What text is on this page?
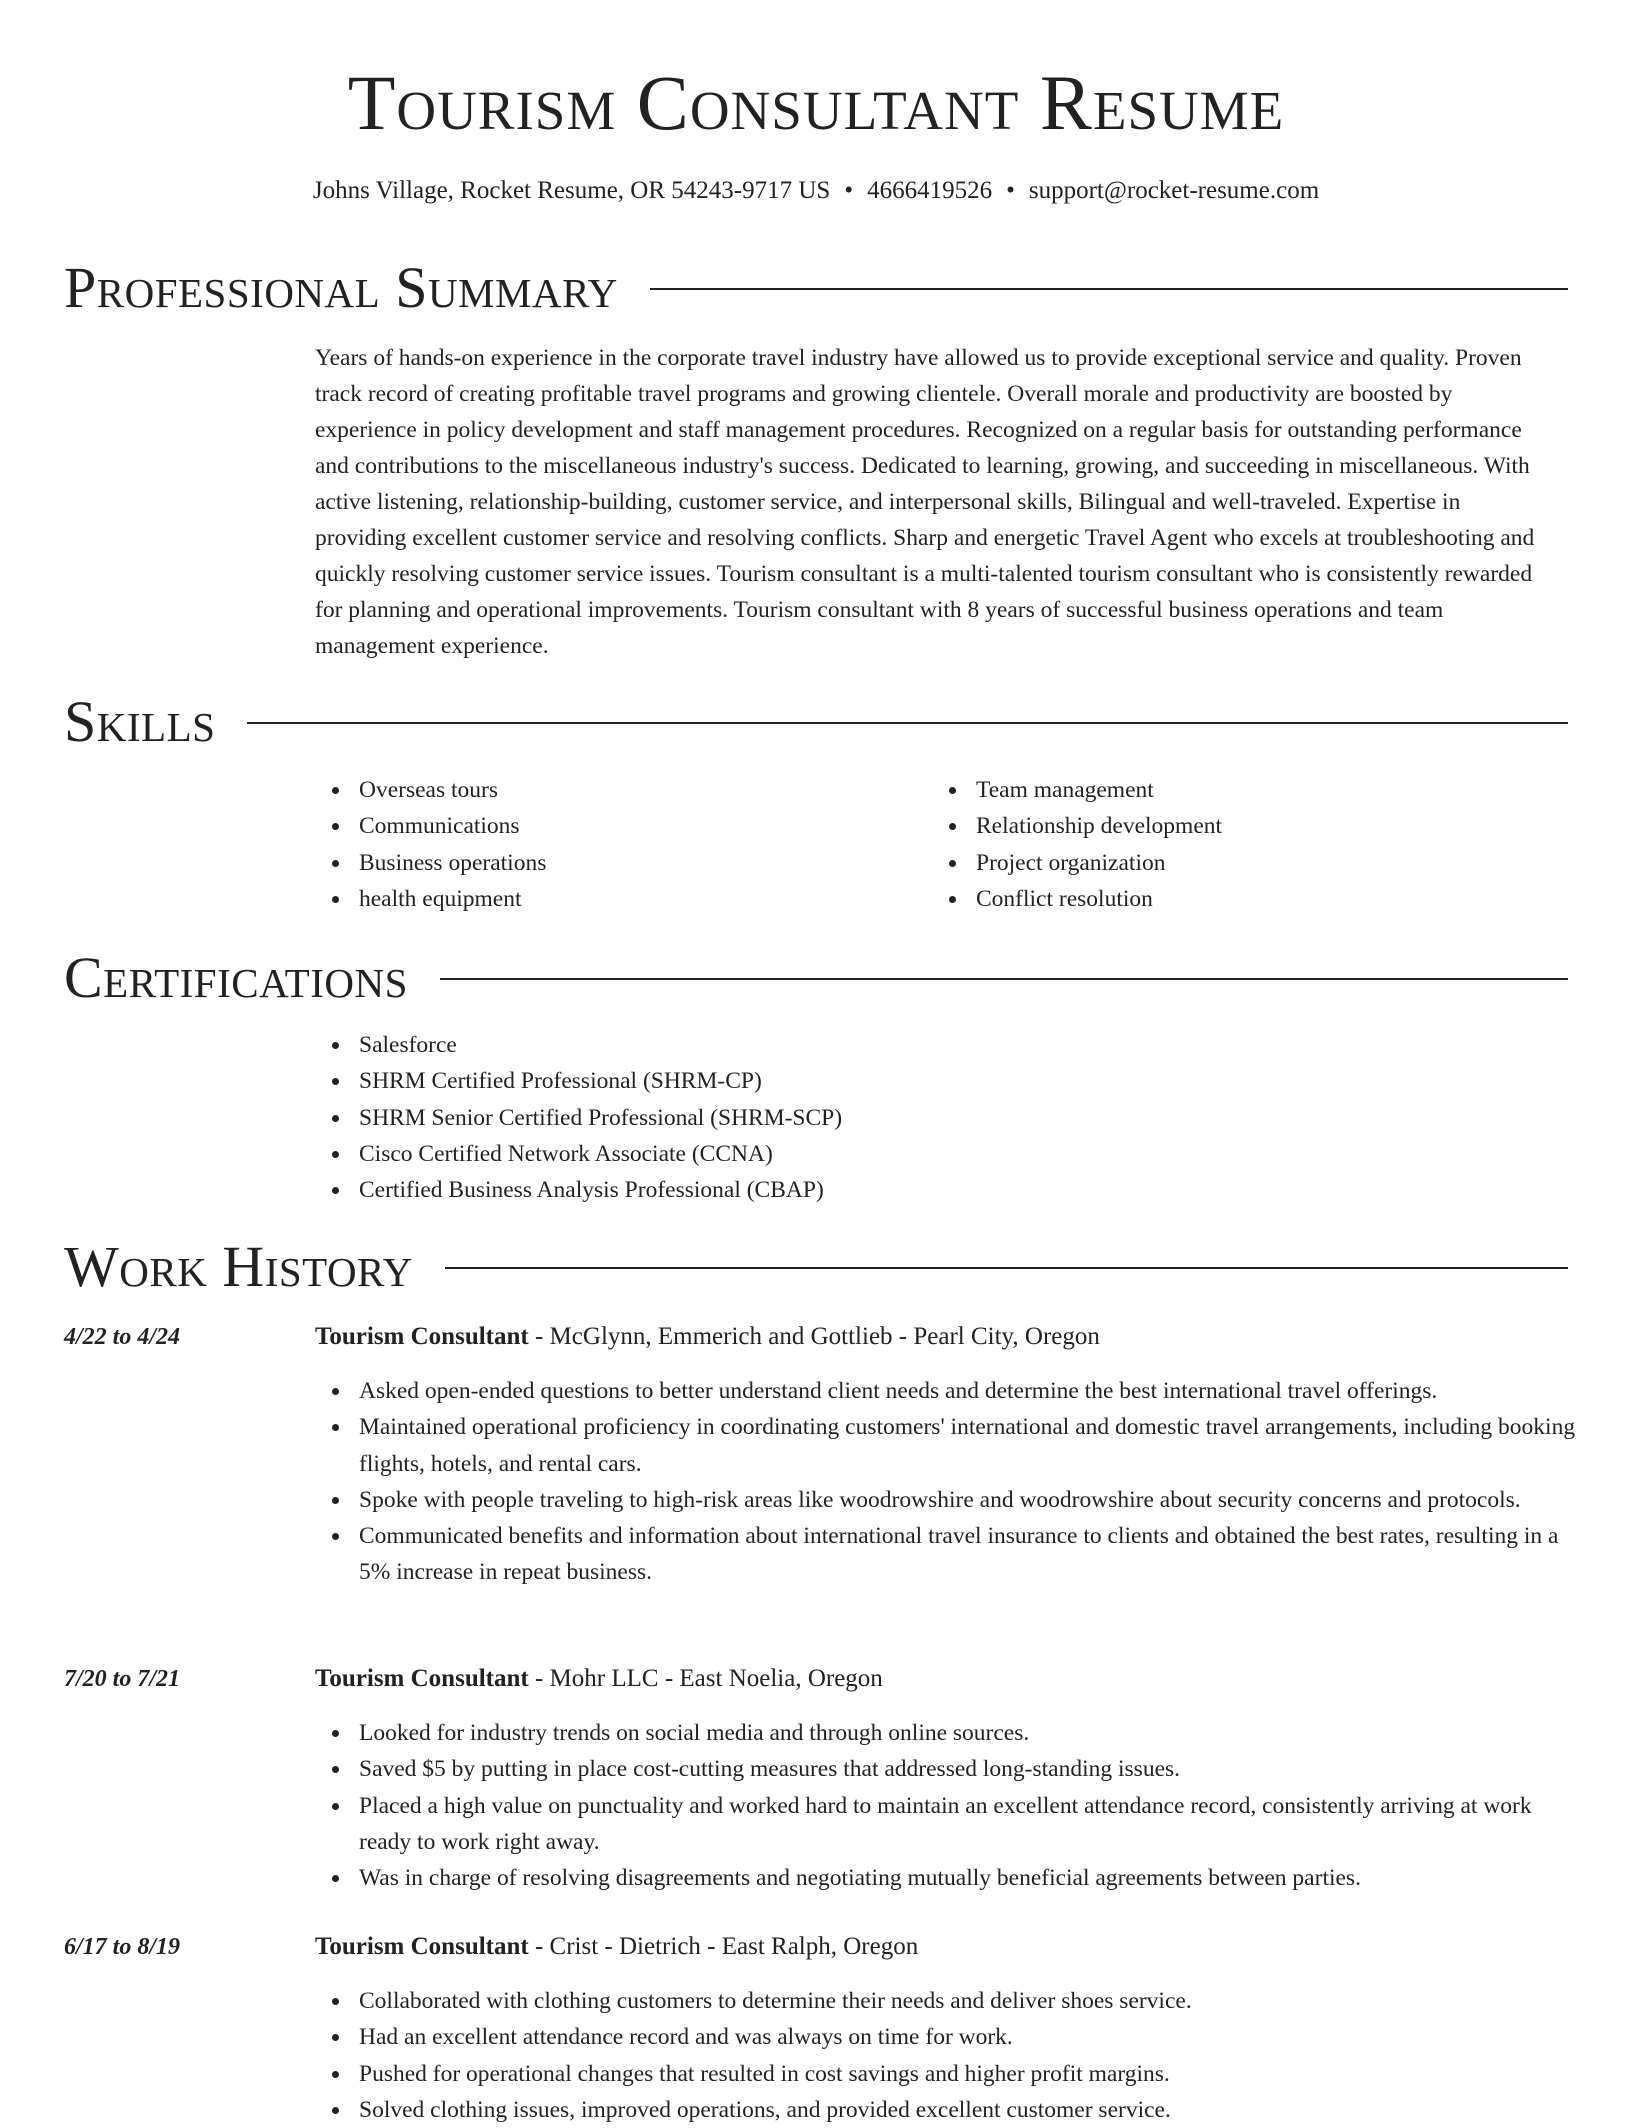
Tourism Consultant Resume
Johns Village, Rocket Resume, OR 54243-9717 US • 4666419526 • support@rocket-resume.com
Professional Summary

Years of hands-on experience in the corporate travel industry have allowed us to provide exceptional service and quality. Proven track record of creating profitable travel programs and growing clientele. Overall morale and productivity are boosted by experience in policy development and staff management procedures. Recognized on a regular basis for outstanding performance and contributions to the miscellaneous industry's success. Dedicated to learning, growing, and succeeding in miscellaneous. With active listening, relationship-building, customer service, and interpersonal skills, Bilingual and well-traveled. Expertise in providing excellent customer service and resolving conflicts. Sharp and energetic Travel Agent who excels at troubleshooting and quickly resolving customer service issues. Tourism consultant is a multi-talented tourism consultant who is consistently rewarded for planning and operational improvements. Tourism consultant with 8 years of successful business operations and team management experience.

Skills
Overseas tours
Communications
Business operations
health equipment
Team management
Relationship development
Project organization
Conflict resolution
Certifications
Salesforce
SHRM Certified Professional (SHRM-CP)
SHRM Senior Certified Professional (SHRM-SCP)
Cisco Certified Network Associate (CCNA)
Certified Business Analysis Professional (CBAP)
Work History
4/22 to 4/24	Tourism Consultant - McGlynn, Emmerich and Gottlieb - Pearl City, Oregon
Asked open-ended questions to better understand client needs and determine the best international travel offerings.
Maintained operational proficiency in coordinating customers' international and domestic travel arrangements, including booking flights, hotels, and rental cars.
Spoke with people traveling to high-risk areas like woodrowshire and woodrowshire about security concerns and protocols.
Communicated benefits and information about international travel insurance to clients and obtained the best rates, resulting in a 5% increase in repeat business.
7/20 to 7/21	Tourism Consultant - Mohr LLC - East Noelia, Oregon
Looked for industry trends on social media and through online sources.
Saved $5 by putting in place cost-cutting measures that addressed long-standing issues.
Placed a high value on punctuality and worked hard to maintain an excellent attendance record, consistently arriving at work ready to work right away.
Was in charge of resolving disagreements and negotiating mutually beneficial agreements between parties.
6/17 to 8/19	Tourism Consultant - Crist - Dietrich - East Ralph, Oregon
Collaborated with clothing customers to determine their needs and deliver shoes service.
Had an excellent attendance record and was always on time for work.
Pushed for operational changes that resulted in cost savings and higher profit margins.
Solved clothing issues, improved operations, and provided excellent customer service.
